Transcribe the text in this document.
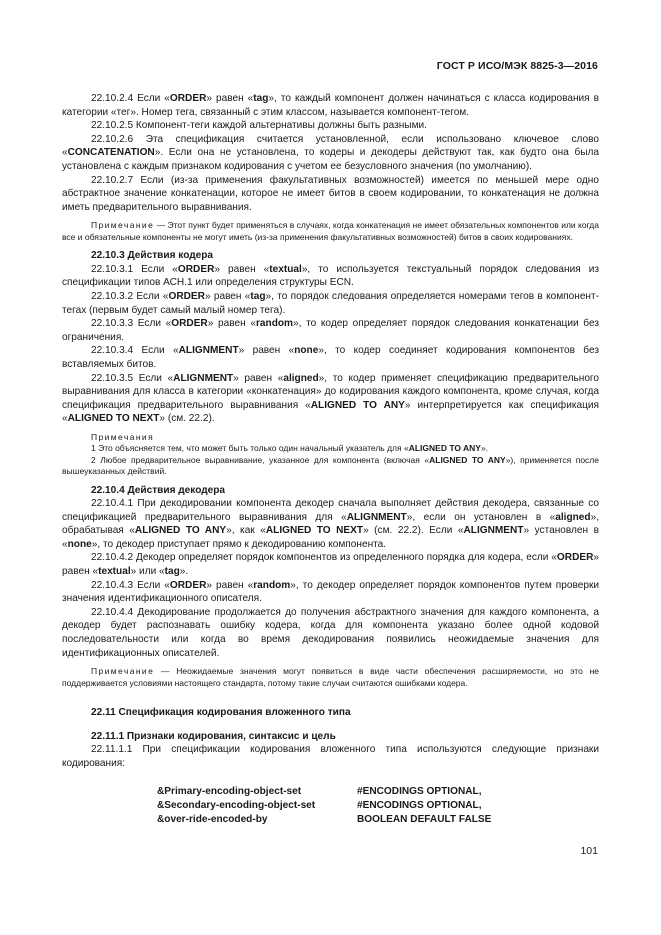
ГОСТ Р ИСО/МЭК 8825-3—2016

22.10.2.4 Если «ORDER» равен «tag», то каждый компонент должен начинаться с класса кодирования в категории «тег». Номер тега, связанный с этим классом, называется компонент-тегом.

22.10.2.5 Компонент-теги каждой альтернативы должны быть разными.

22.10.2.6 Эта спецификация считается установленной, если использовано ключевое слово «CONCATENATION». Если она не установлена, то кодеры и декодеры действуют так, как будто она была установлена с каждым признаком кодирования с учетом ее безусловного значения (по умолчанию).

22.10.2.7 Если (из-за применения факультативных возможностей) имеется по меньшей мере одно абстрактное значение конкатенации, которое не имеет битов в своем кодировании, то конкатенация не должна иметь предварительного выравнивания.

Примечание — Этот пункт будет применяться в случаях, когда конкатенация не имеет обязательных компонентов или когда все и обязательные компоненты не могут иметь (из-за применения факультативных возможностей) битов в своих кодированиях.

22.10.3 Действия кодера

22.10.3.1 Если «ORDER» равен «textual», то используется текстуальный порядок следования из спецификации типов АСН.1 или определения структуры ECN.

22.10.3.2 Если «ORDER» равен «tag», то порядок следования определяется номерами тегов в компонент-тегах (первым будет самый малый номер тега).

22.10.3.3 Если «ORDER» равен «random», то кодер определяет порядок следования конкатенации без ограничения.

22.10.3.4 Если «ALIGNMENT» равен «none», то кодер соединяет кодирования компонентов без вставляемых битов.

22.10.3.5 Если «ALIGNMENT» равен «aligned», то кодер применяет спецификацию предварительного выравнивания для класса в категории «конкатенация» до кодирования каждого компонента, кроме случая, когда спецификация предварительного выравнивания «ALIGNED TO ANY» интерпретируется как спецификация «ALIGNED TO NEXT» (см. 22.2).

Примечания

1 Это объясняется тем, что может быть только один начальный указатель для «ALIGNED TO ANY».

2 Любое предварительное выравнивание, указанное для компонента (включая «ALIGNED TO ANY»), применяется после вышеуказанных действий.

22.10.4 Действия декодера

22.10.4.1 При декодировании компонента декодер сначала выполняет действия декодера, связанные со спецификацией предварительного выравнивания для «ALIGNMENT», если он установлен в «aligned», обрабатывая «ALIGNED TO ANY», как «ALIGNED TO NEXT» (см. 22.2). Если «ALIGNMENT» установлен в «none», то декодер приступает прямо к декодированию компонента.

22.10.4.2 Декодер определяет порядок компонентов из определенного порядка для кодера, если «ORDER» равен «textual» или «tag».

22.10.4.3 Если «ORDER» равен «random», то декодер определяет порядок компонентов путем проверки значения идентификационного описателя.

22.10.4.4 Декодирование продолжается до получения абстрактного значения для каждого компонента, а декодер будет распознавать ошибку кодера, когда для компонента указано более одной кодовой последовательности или когда во время декодирования появились неожидаемые значения для идентификационных описателей.

Примечание — Неожидаемые значения могут появиться в виде части обеспечения расширяемости, но это не поддерживается условиями настоящего стандарта, потому такие случаи считаются ошибками кодера.

22.11 Спецификация кодирования вложенного типа

22.11.1 Признаки кодирования, синтаксис и цель

22.11.1.1 При спецификации кодирования вложенного типа используются следующие признаки кодирования:

&Primary-encoding-object-set	#ENCODINGS OPTIONAL,
&Secondary-encoding-object-set	#ENCODINGS OPTIONAL,
&over-ride-encoded-by	BOOLEAN DEFAULT FALSE
101
